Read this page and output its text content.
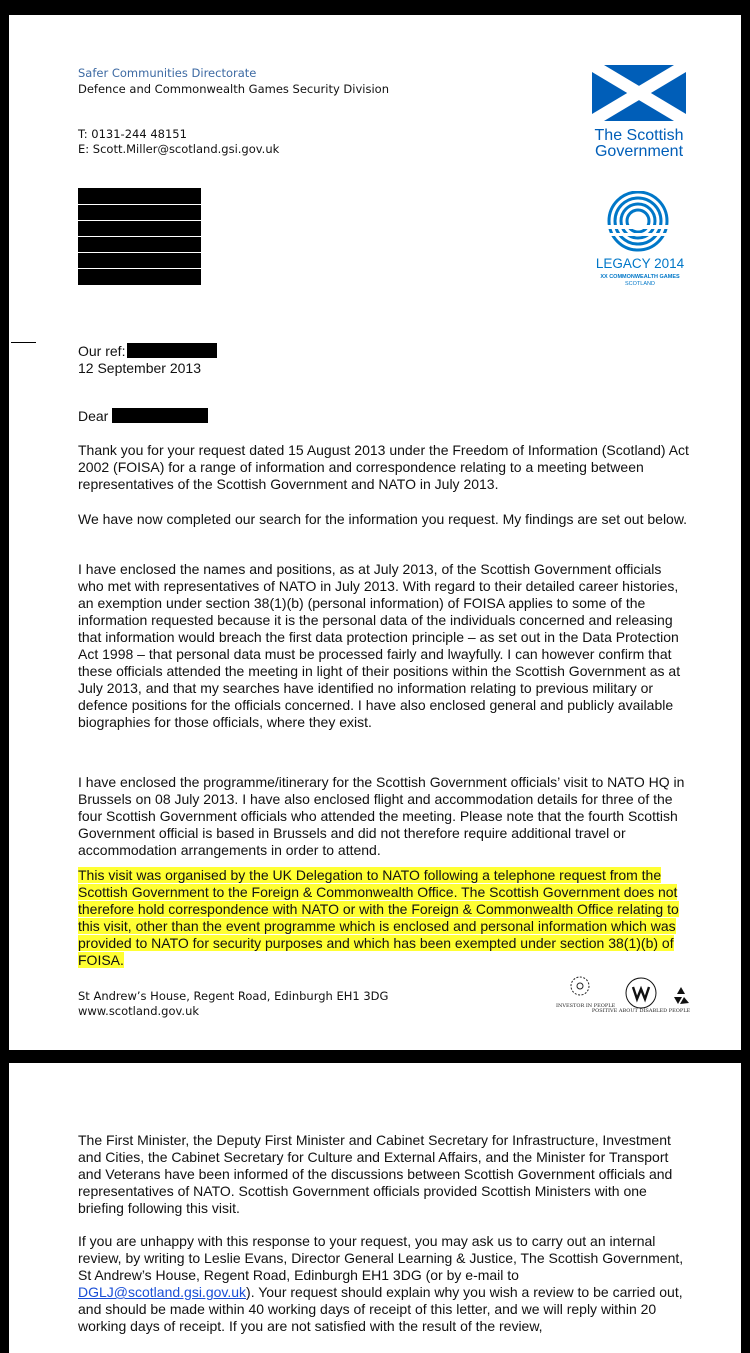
Safer Communities Directorate
Defence and Commonwealth Games Security Division
T: 0131-244 48151
E: Scott.Miller@scotland.gsi.gov.uk
The Scottish
Government
LEGACY 2014
XX COMMONWEALTH GAMES
SCOTLAND
Our ref:
12 September 2013
Dear

Thank you for your request dated 15 August 2013 under the Freedom of Information (Scotland) Act 2002 (FOISA) for a range of information and correspondence relating to a meeting between representatives of the Scottish Government and NATO in July 2013.

We have now completed our search for the information you request. My findings are set out below.

I have enclosed the names and positions, as at July 2013, of the Scottish Government officials who met with representatives of NATO in July 2013. With regard to their detailed career histories, an exemption under section 38(1)(b) (personal information) of FOISA applies to some of the information requested because it is the personal data of the individuals concerned and releasing that information would breach the first data protection principle – as set out in the Data Protection Act 1998 – that personal data must be processed fairly and lwayfully. I can however confirm that these officials attended the meeting in light of their positions within the Scottish Government as at July 2013, and that my searches have identified no information relating to previous military or defence positions for the officials concerned. I have also enclosed general and publicly available biographies for those officials, where they exist.

I have enclosed the programme/itinerary for the Scottish Government officials’ visit to NATO HQ in Brussels on 08 July 2013. I have also enclosed flight and accommodation details for three of the four Scottish Government officials who attended the meeting. Please note that the fourth Scottish Government official is based in Brussels and did not therefore require additional travel or accommodation arrangements in order to attend.

This visit was organised by the UK Delegation to NATO following a telephone request from the Scottish Government to the Foreign & Commonwealth Office. The Scottish Government does not therefore hold correspondence with NATO or with the Foreign & Commonwealth Office relating to this visit, other than the event programme which is enclosed and personal information which was provided to NATO for security purposes and which has been exempted under section 38(1)(b) of FOISA.

St Andrew’s House, Regent Road, Edinburgh EH1 3DG
www.scotland.gov.uk	INVESTOR IN PEOPLE
POSITIVE ABOUT DISABLED PEOPLE

The First Minister, the Deputy First Minister and Cabinet Secretary for Infrastructure, Investment and Cities, the Cabinet Secretary for Culture and External Affairs, and the Minister for Transport and Veterans have been informed of the discussions between Scottish Government officials and representatives of NATO. Scottish Government officials provided Scottish Ministers with one briefing following this visit.

If you are unhappy with this response to your request, you may ask us to carry out an internal review, by writing to Leslie Evans, Director General Learning & Justice, The Scottish Government, St Andrew’s House, Regent Road, Edinburgh EH1 3DG (or by e-mail to DGLJ@scotland.gsi.gov.uk). Your request should explain why you wish a review to be carried out, and should be made within 40 working days of receipt of this letter, and we will reply within 20 working days of receipt. If you are not satisfied with the result of the review,
